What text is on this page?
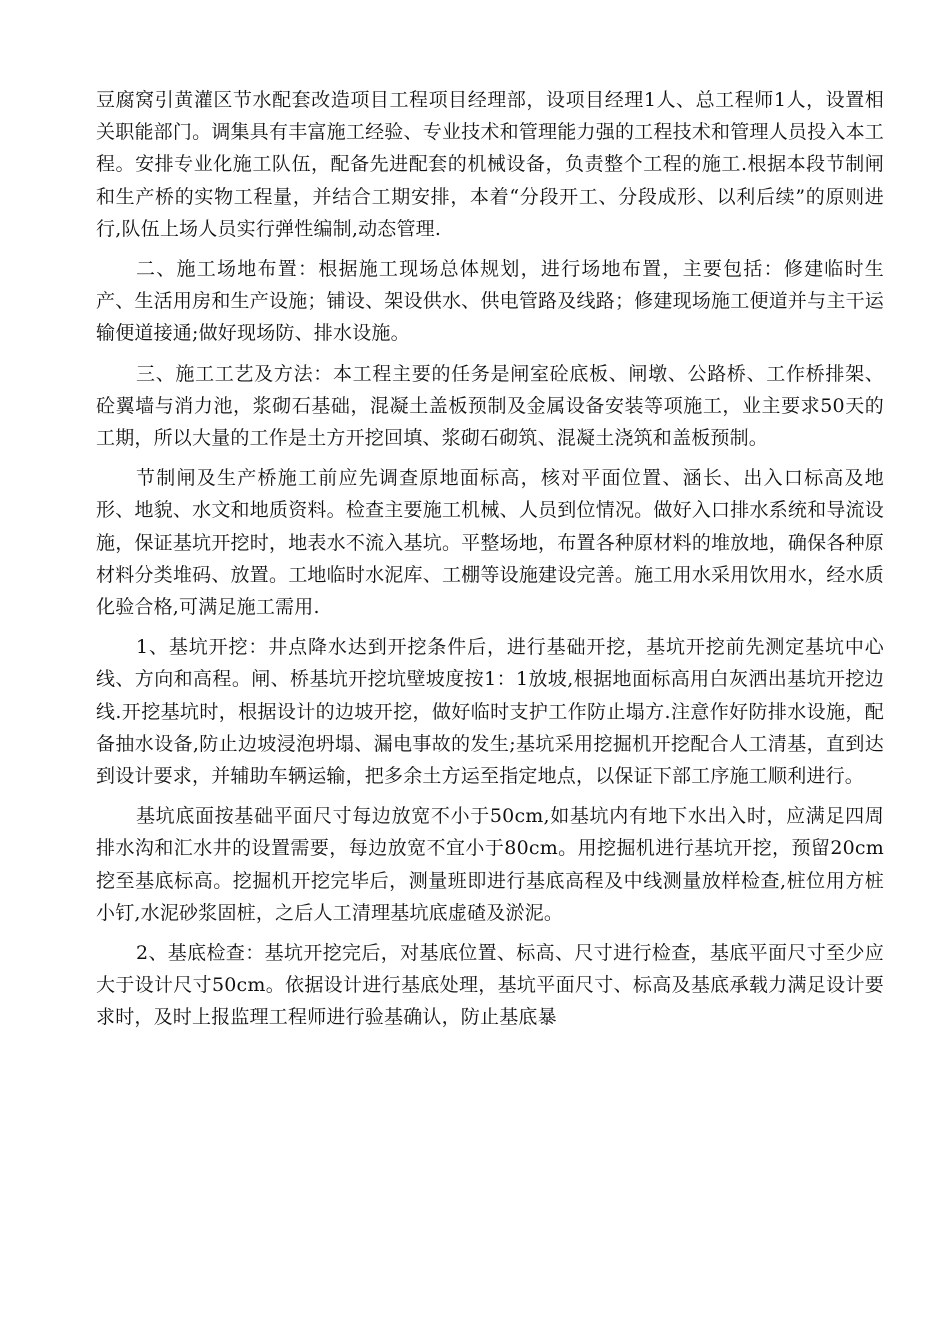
豆腐窝引黄灌区节水配套改造项目工程项目经理部，设项目经理1人、总工程师1人，设置相关职能部门。调集具有丰富施工经验、专业技术和管理能力强的工程技术和管理人员投入本工程。安排专业化施工队伍，配备先进配套的机械设备，负责整个工程的施工.根据本段节制闸和生产桥的实物工程量，并结合工期安排，本着“分段开工、分段成形、以利后续”的原则进行,队伍上场人员实行弹性编制,动态管理.

二、施工场地布置：根据施工现场总体规划，进行场地布置，主要包括：修建临时生产、生活用房和生产设施；铺设、架设供水、供电管路及线路；修建现场施工便道并与主干运输便道接通;做好现场防、排水设施。

三、施工工艺及方法：本工程主要的任务是闸室砼底板、闸墩、公路桥、工作桥排架、砼翼墙与消力池，浆砌石基础，混凝土盖板预制及金属设备安装等项施工，业主要求50天的工期，所以大量的工作是土方开挖回填、浆砌石砌筑、混凝土浇筑和盖板预制。

节制闸及生产桥施工前应先调查原地面标高，核对平面位置、涵长、出入口标高及地形、地貌、水文和地质资料。检查主要施工机械、人员到位情况。做好入口排水系统和导流设施，保证基坑开挖时，地表水不流入基坑。平整场地，布置各种原材料的堆放地，确保各种原材料分类堆码、放置。工地临时水泥库、工棚等设施建设完善。施工用水采用饮用水，经水质化验合格,可满足施工需用.

1、基坑开挖：井点降水达到开挖条件后，进行基础开挖，基坑开挖前先测定基坑中心线、方向和高程。闸、桥基坑开挖坑壁坡度按1：1放坡,根据地面标高用白灰洒出基坑开挖边线.开挖基坑时，根据设计的边坡开挖，做好临时支护工作防止塌方.注意作好防排水设施，配备抽水设备,防止边坡浸泡坍塌、漏电事故的发生;基坑采用挖掘机开挖配合人工清基，直到达到设计要求，并辅助车辆运输，把多余土方运至指定地点，以保证下部工序施工顺利进行。

基坑底面按基础平面尺寸每边放宽不小于50cm,如基坑内有地下水出入时，应满足四周排水沟和汇水井的设置需要，每边放宽不宜小于80cm。用挖掘机进行基坑开挖，预留20cm挖至基底标高。挖掘机开挖完毕后，测量班即进行基底高程及中线测量放样检查,桩位用方桩小钉,水泥砂浆固桩，之后人工清理基坑底虚碴及淤泥。

2、基底检查：基坑开挖完后，对基底位置、标高、尺寸进行检查，基底平面尺寸至少应大于设计尺寸50cm。依据设计进行基底处理，基坑平面尺寸、标高及基底承载力满足设计要求时，及时上报监理工程师进行验基确认，防止基底暴
